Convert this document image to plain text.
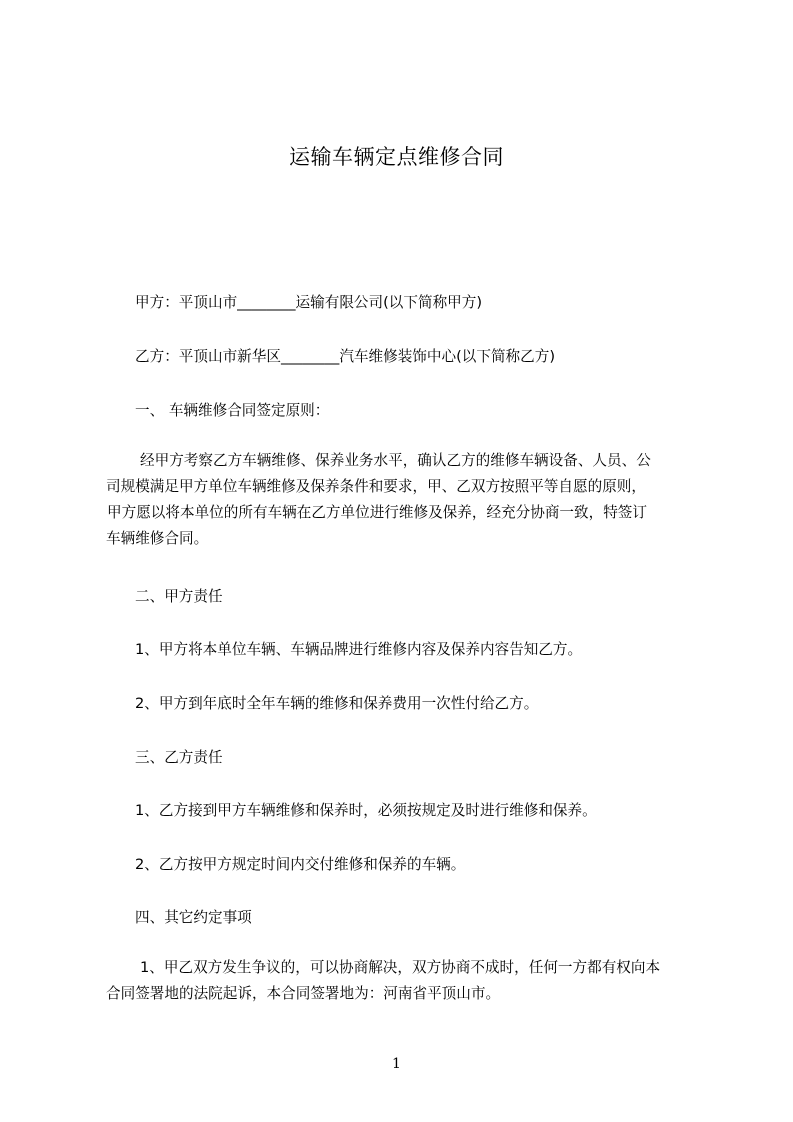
运输车辆定点维修合同
甲方：平顶山市________运输有限公司(以下简称甲方)
乙方：平顶山市新华区________汽车维修装饰中心(以下简称乙方)
一、 车辆维修合同签定原则：
经甲方考察乙方车辆维修、保养业务水平，确认乙方的维修车辆设备、人员、公
司规模满足甲方单位车辆维修及保养条件和要求，甲、乙双方按照平等自愿的原则，
甲方愿以将本单位的所有车辆在乙方单位进行维修及保养，经充分协商一致，特签订
车辆维修合同。
二、甲方责任
1、甲方将本单位车辆、车辆品牌进行维修内容及保养内容告知乙方。
2、甲方到年底时全年车辆的维修和保养费用一次性付给乙方。
三、乙方责任
1、乙方接到甲方车辆维修和保养时，必须按规定及时进行维修和保养。
2、乙方按甲方规定时间内交付维修和保养的车辆。
四、其它约定事项
1、甲乙双方发生争议的，可以协商解决，双方协商不成时，任何一方都有权向本
合同签署地的法院起诉，本合同签署地为：河南省平顶山市。
1
